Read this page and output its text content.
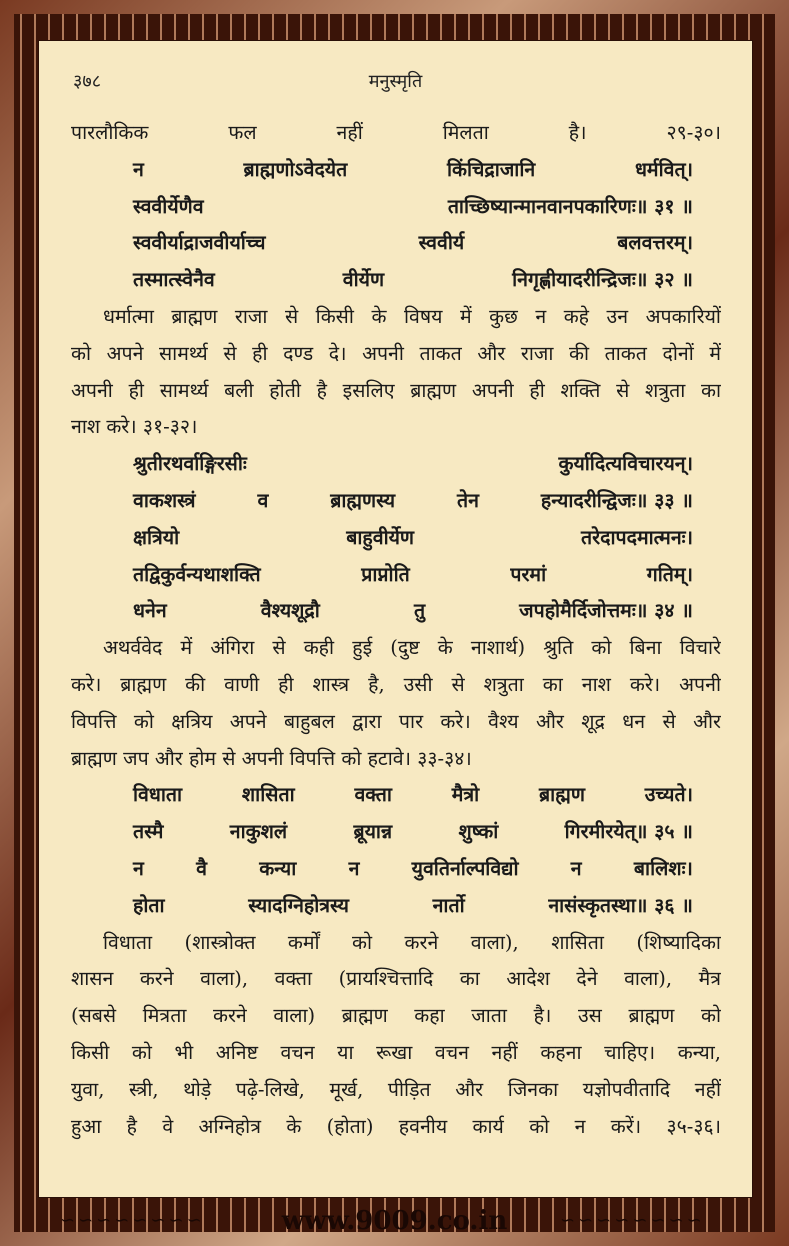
३७८	मनुस्मृति
पारलौकिक फल नहीं मिलता है। २९-३०।
न	ब्राह्मणोऽवेदयेत	किंचिद्राजानि	धर्मवित्।
स्ववीर्येणैव	ताच्छिष्यान्मानवानपकारिणः॥ ३१ ॥
स्ववीर्याद्राजवीर्याच्च	स्ववीर्य	बलवत्तरम्।
तस्मात्स्वेनैव	वीर्येण	निगृह्णीयादरीन्द्रिजः॥ ३२ ॥
धर्मात्मा ब्राह्मण राजा से किसी के विषय में कुछ न कहे उन अपकारियों
को अपने सामर्थ्य से ही दण्ड दे। अपनी ताकत और राजा की ताकत दोनों में
अपनी ही सामर्थ्य बली होती है इसलिए ब्राह्मण अपनी ही शक्ति से शत्रुता का
नाश करे। ३१-३२।
श्रुतीरथर्वाङ्गिरसीः	कुर्यादित्यविचारयन्।
वाकशस्त्रं	व	ब्राह्मणस्य	तेन	हन्यादरीन्द्विजः॥ ३३ ॥
क्षत्रियो	बाहुवीर्येण	तरेदापदमात्मनः।
तद्विकुर्वन्यथाशक्ति	प्राप्नोति	परमां	गतिम्।
धनेन	वैश्यशूद्रौ	तु	जपहोमैर्दिजोत्तमः॥ ३४ ॥
अथर्ववेद में अंगिरा से कही हुई (दुष्ट के नाशार्थ) श्रुति को बिना विचारे
करे। ब्राह्मण की वाणी ही शास्त्र है, उसी से शत्रुता का नाश करे। अपनी
विपत्ति को क्षत्रिय अपने बाहुबल द्वारा पार करे। वैश्य और शूद्र धन से और
ब्राह्मण जप और होम से अपनी विपत्ति को हटावे। ३३-३४।
विधाता	शासिता	वक्ता	मैत्रो	ब्राह्मण	उच्यते।
तस्मै	नाकुशलं	ब्रूयान्न	शुष्कां	गिरमीरयेत्॥ ३५ ॥
न	वै	कन्या	न	युवतिर्नाल्पविद्यो	न	बालिशः।
होता	स्यादग्निहोत्रस्य	नार्तो	नासंस्कृतस्था॥ ३६ ॥
विधाता (शास्त्रोक्त कर्मों को करने वाला), शासिता (शिष्यादिका
शासन करने वाला), वक्ता (प्रायश्चित्तादि का आदेश देने वाला), मैत्र
(सबसे मित्रता करने वाला) ब्राह्मण कहा जाता है। उस ब्राह्मण को
किसी को भी अनिष्ट वचन या रूखा वचन नहीं कहना चाहिए। कन्या,
युवा, स्त्री, थोड़े पढ़े-लिखे, मूर्ख, पीड़ित और जिनका यज्ञोपवीतादि नहीं
हुआ है वे अग्निहोत्र के (होता) हवनीय कार्य को न करें। ३५-३६।
∽∽∽∽∽∽∽∽	∽∽∽∽∽∽∽∽
www.9009.co.in
